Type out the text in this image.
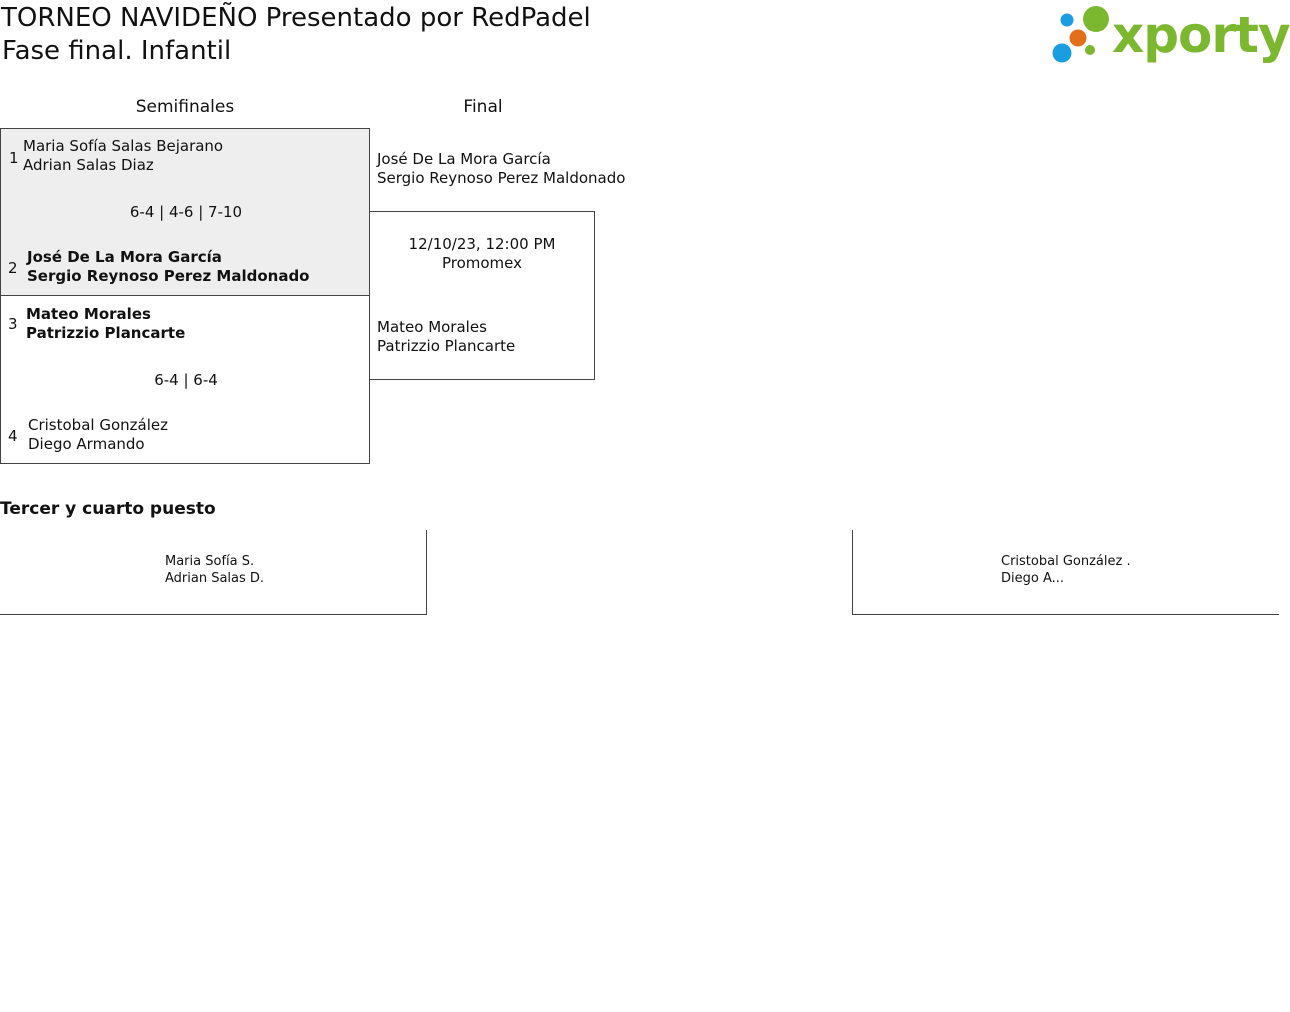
TORNEO NAVIDEÑO Presentado por RedPadel
Fase final. Infantil	xporty
Semifinales	Final
1
Maria Sofía Salas Bejarano
Adrian Salas Diaz
6-4 | 4-6 | 7-10
2
José De La Mora García
Sergio Reynoso Perez Maldonado
3
Mateo Morales
Patrizzio Plancarte
6-4 | 6-4
4
Cristobal González
Diego Armando
José De La Mora García
Sergio Reynoso Perez Maldonado
12/10/23, 12:00 PM
Promomex
Mateo Morales
Patrizzio Plancarte
Tercer y cuarto puesto
Maria Sofía S.
Adrian Salas D.
Cristobal González .
Diego A...
